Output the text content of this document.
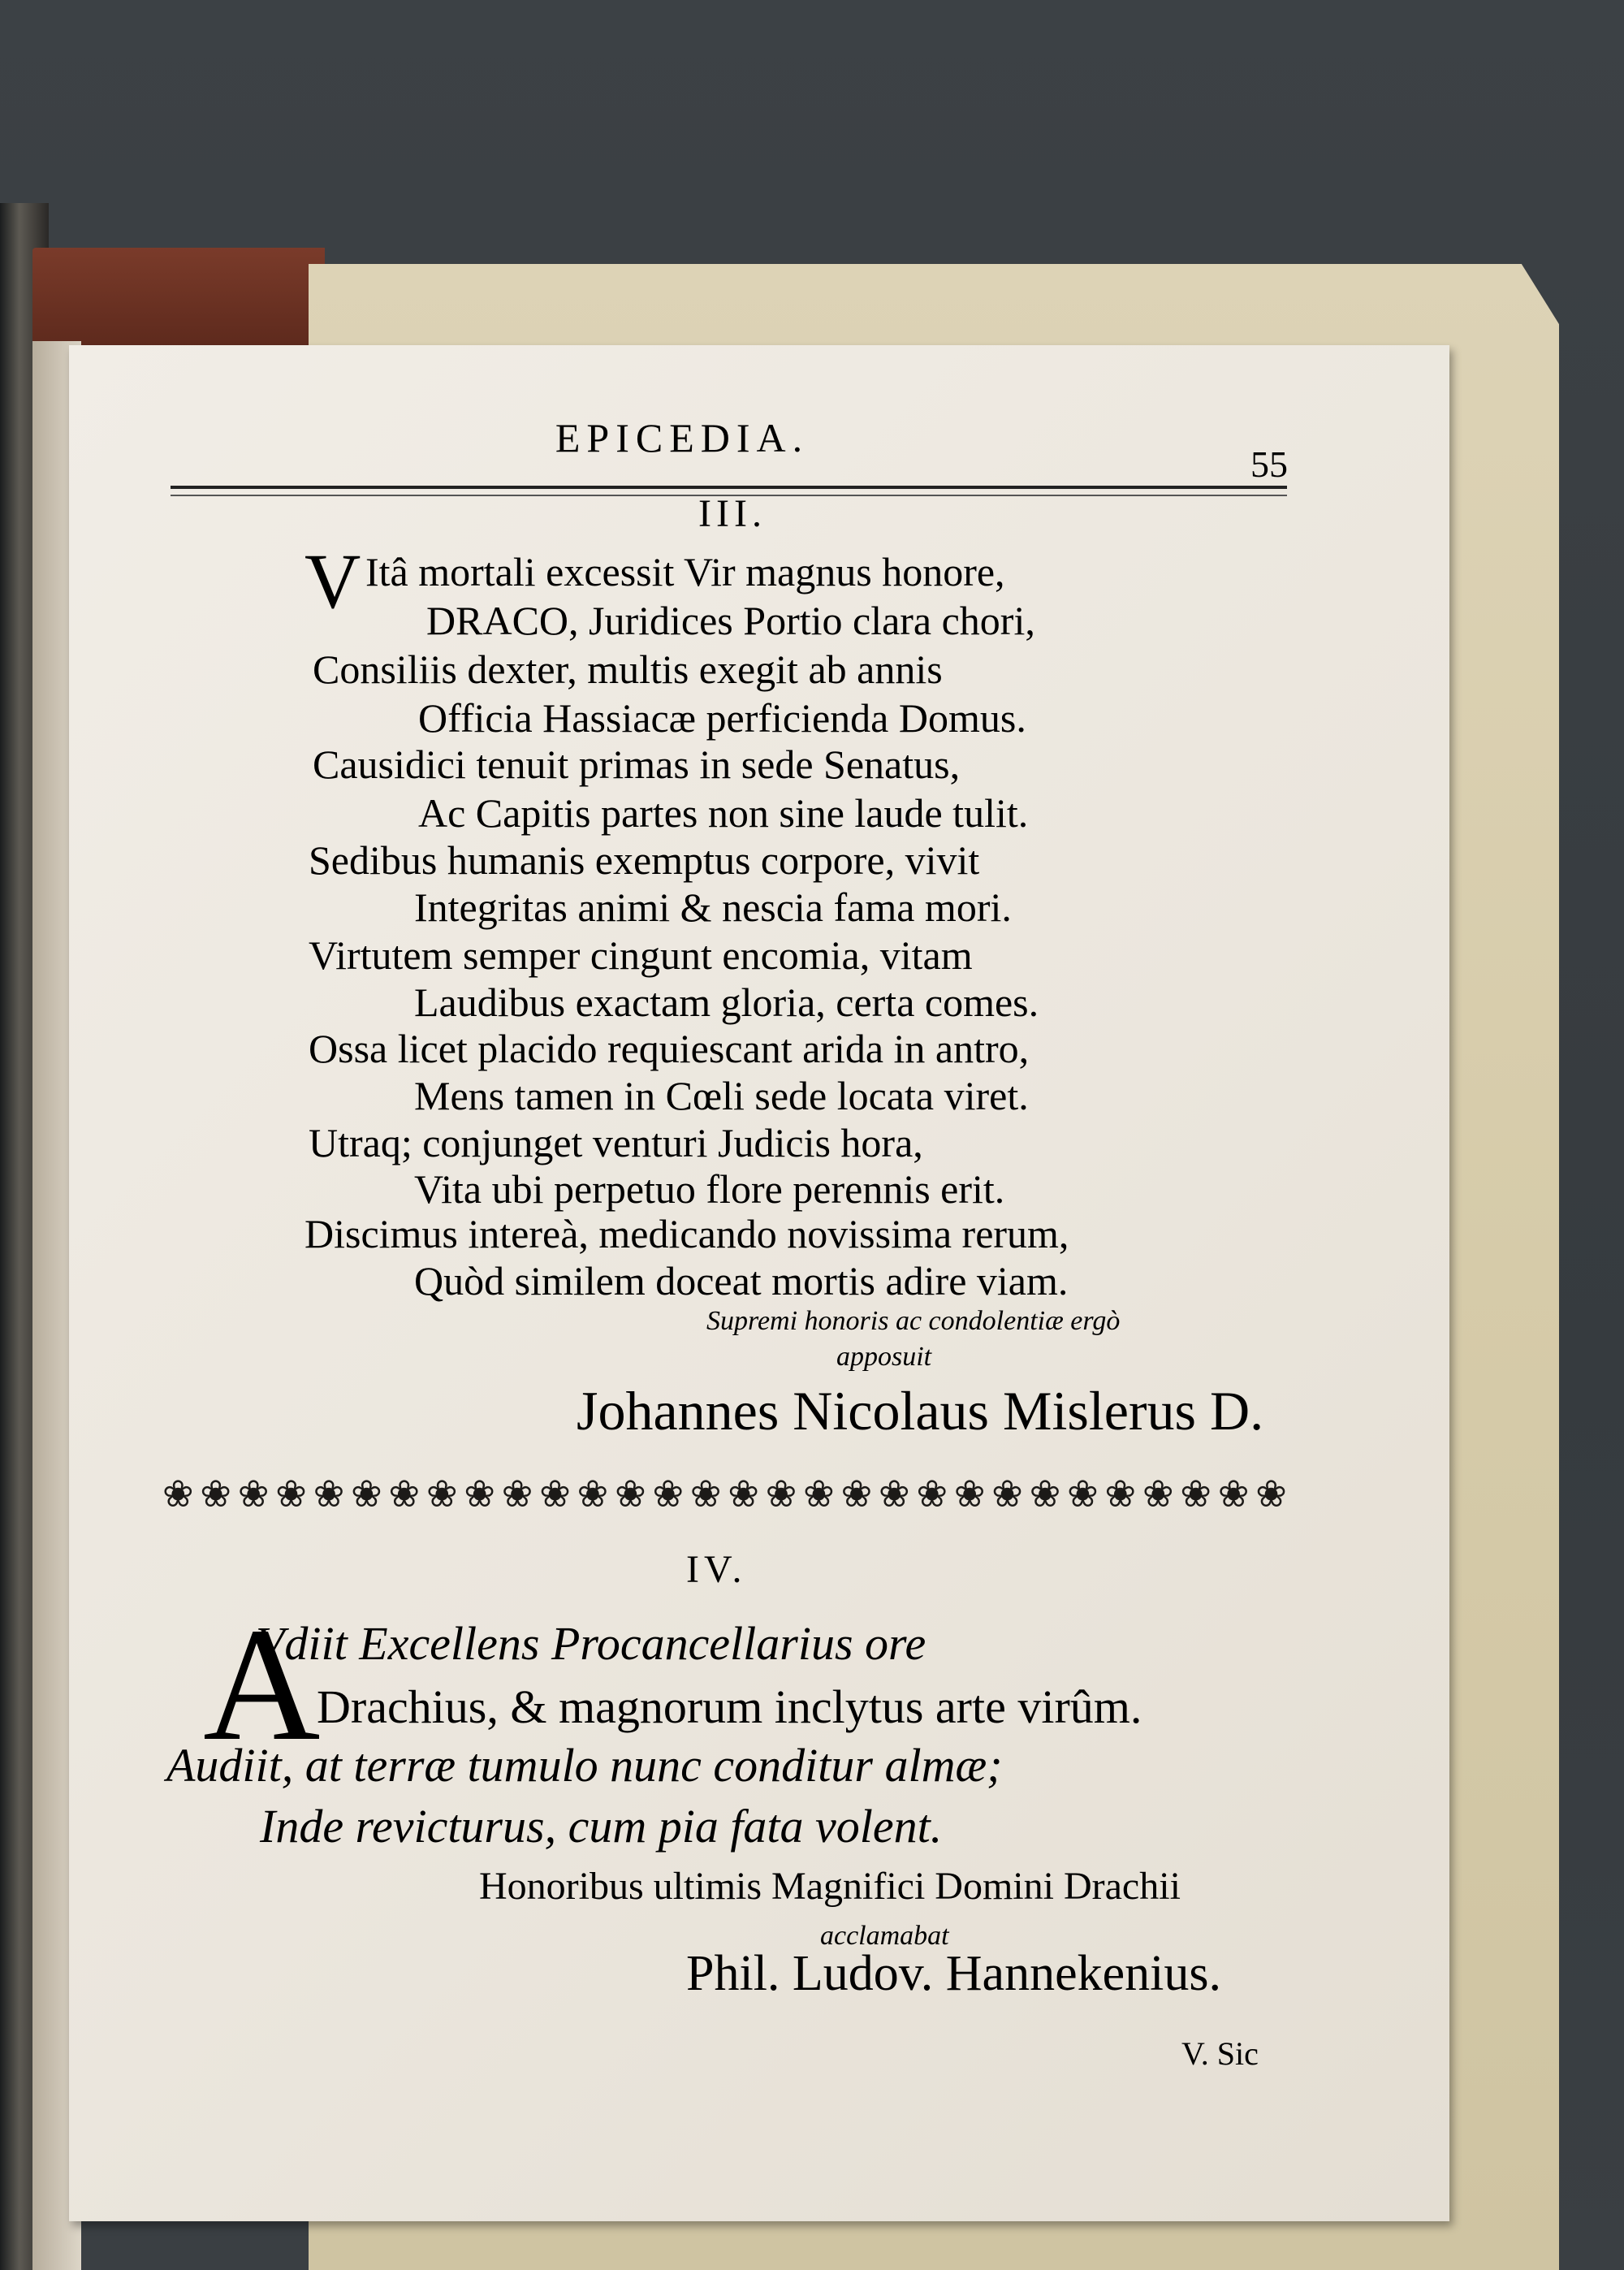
EPICEDIA.
55
III.
V Itâ mortali excessit Vir magnus honore,
DRACO, Juridices Portio clara chori,
Consiliis dexter, multis exegit ab annis
Officia Hassiacæ perficienda Domus.
Causidici tenuit primas in sede Senatus,
Ac Capitis partes non sine laude tulit.
Sedibus humanis exemptus corpore, vivit
Integritas animi & nescia fama mori.
Virtutem semper cingunt encomia, vitam
Laudibus exactam gloria, certa comes.
Ossa licet placido requiescant arida in antro,
Mens tamen in Cœli sede locata viret.
Utraq; conjunget venturi Judicis hora,
Vita ubi perpetuo flore perennis erit.
Discimus intereà, medicando novissima rerum,
Quòd similem doceat mortis adire viam.
Supremi honoris ac condolentiæ ergò
apposuit
Johannes Nicolaus Mislerus D.
❀ ❀ ❀ ❀ ❀ ❀ ❀ ❀ ❀ ❀ ❀ ❀ ❀ ❀ ❀ ❀ ❀ ❀ ❀ ❀ ❀ ❀ ❀ ❀ ❀ ❀ ❀ ❀ ❀ ❀
IV.
A
Vdiit Excellens Procancellarius ore
Drachius, & magnorum inclytus arte virûm.
Audiit, at terræ tumulo nunc conditur almæ;
Inde revicturus, cum pia fata volent.
Honoribus ultimis Magnifici Domini Drachii
acclamabat
Phil. Ludov. Hannekenius.
V. Sic
